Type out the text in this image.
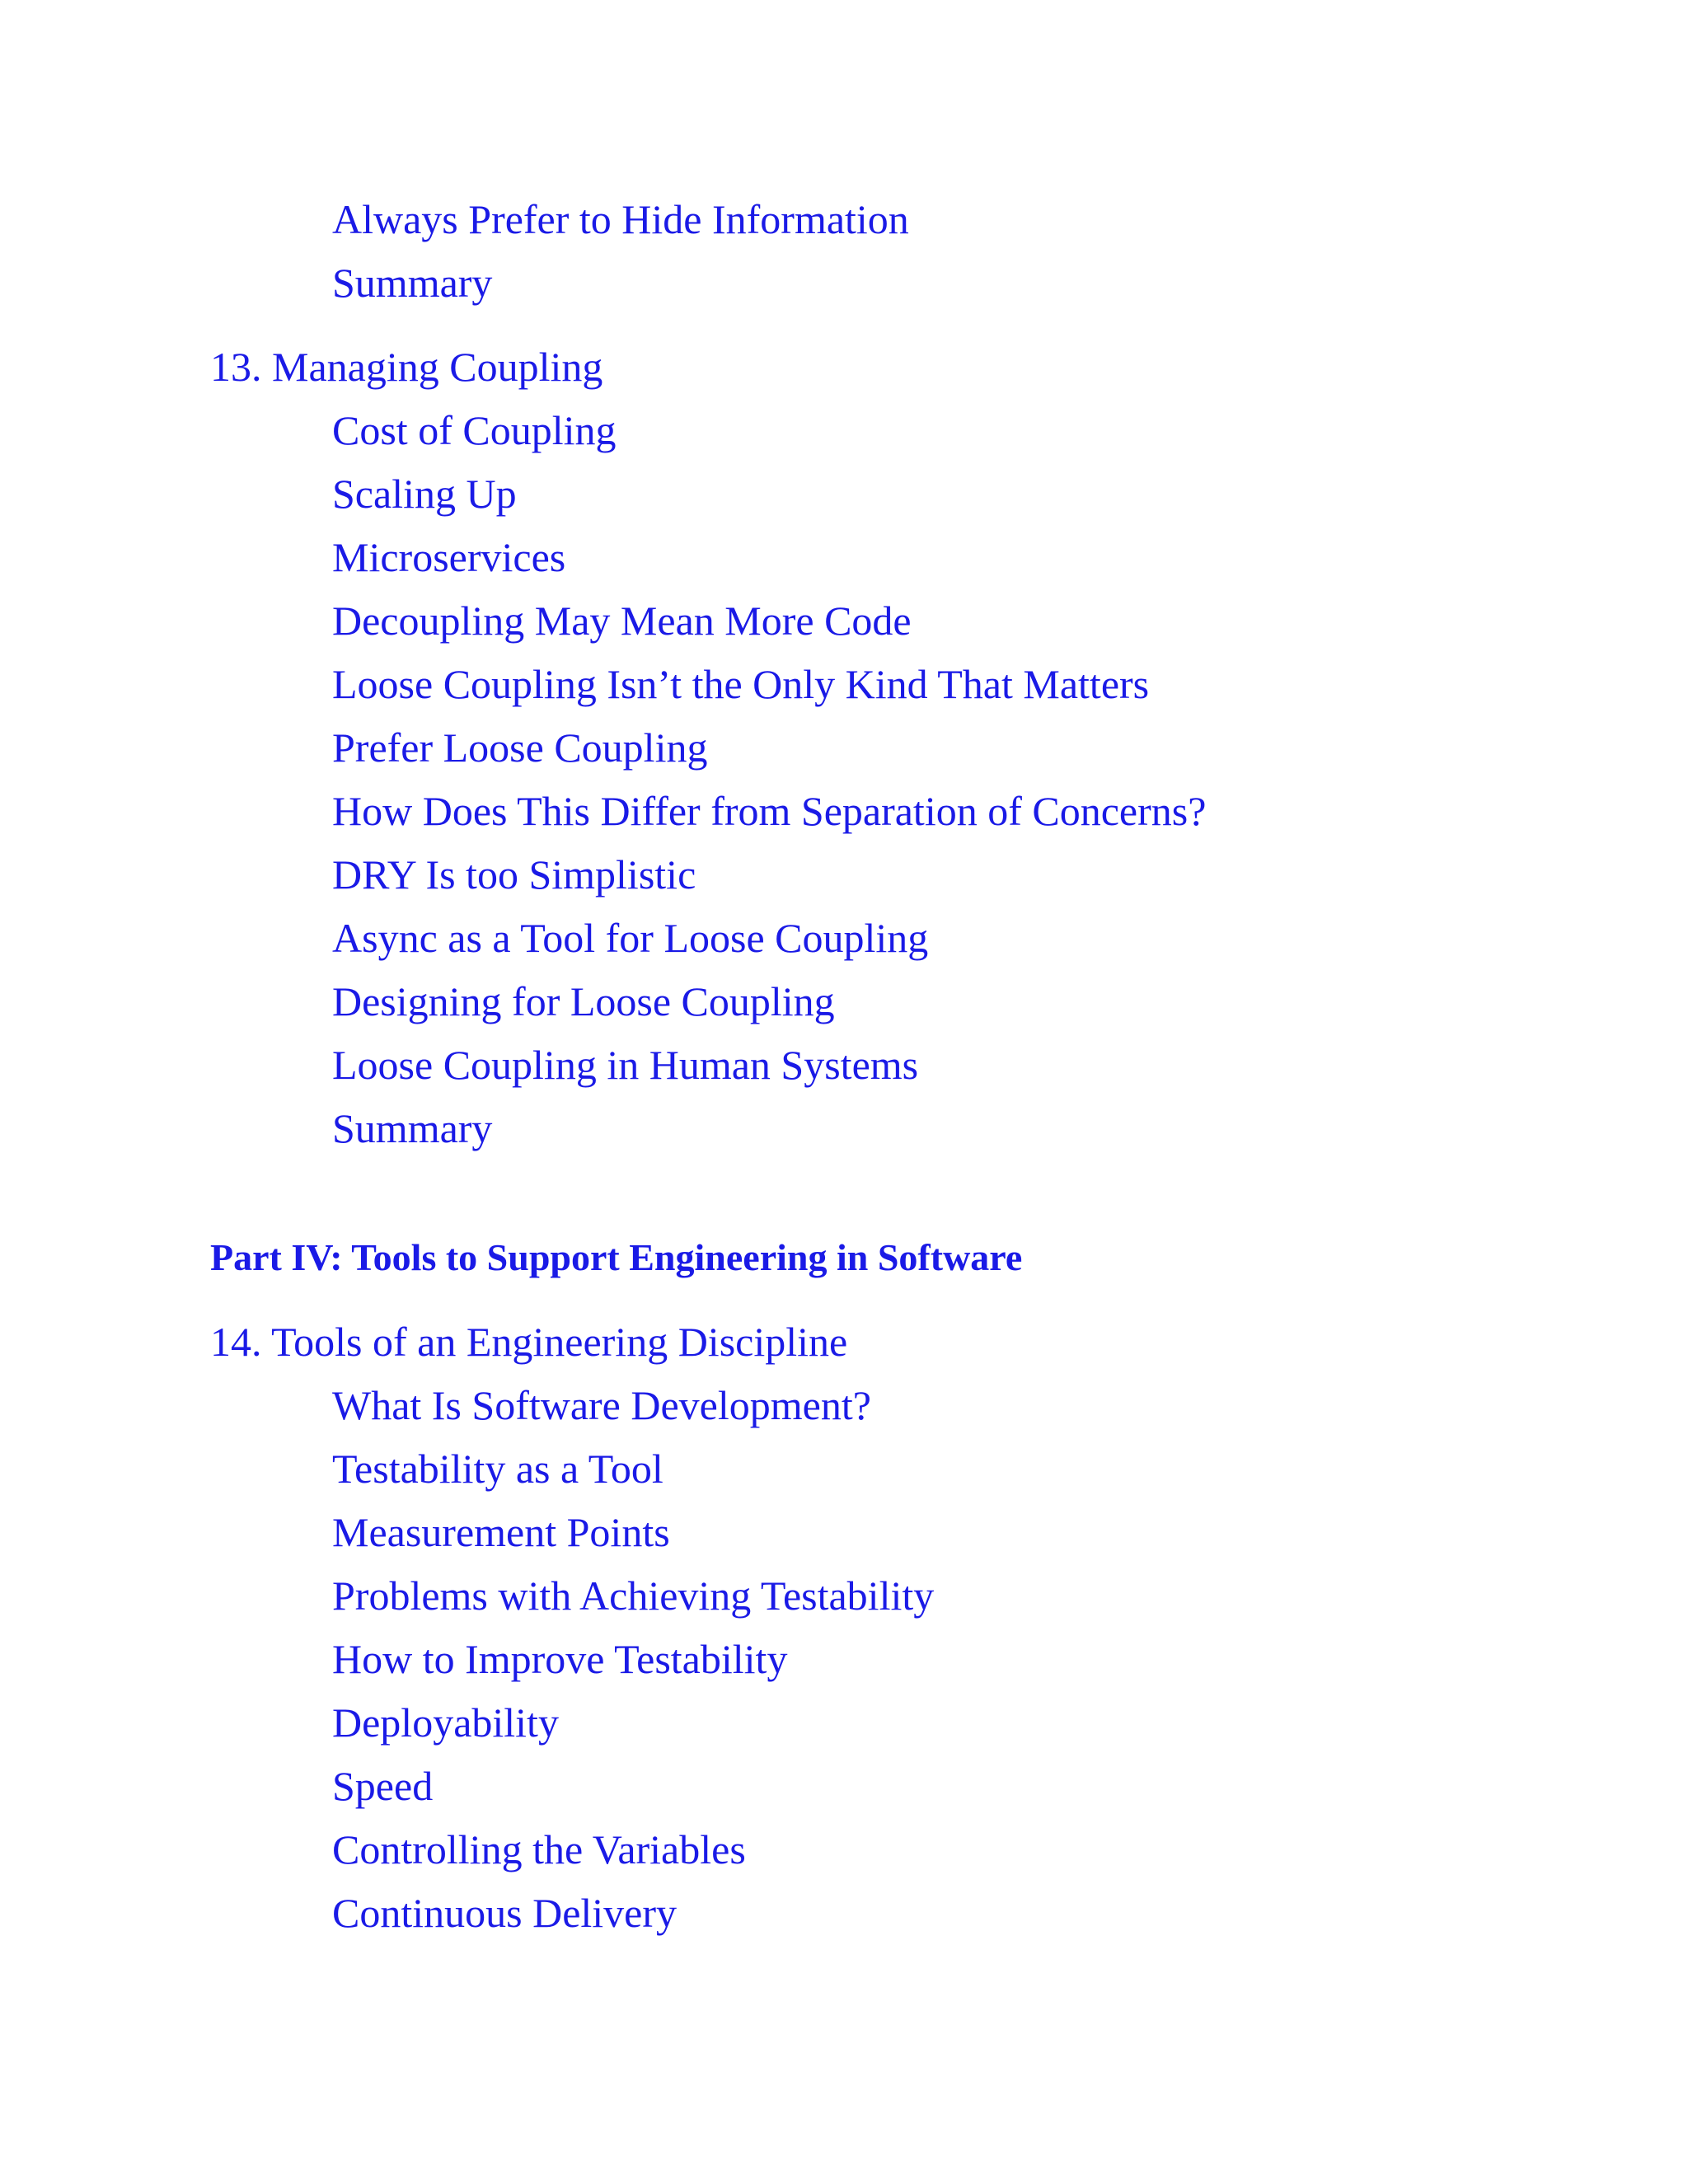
Always Prefer to Hide Information
Summary
13. Managing Coupling
Cost of Coupling
Scaling Up
Microservices
Decoupling May Mean More Code
Loose Coupling Isn’t the Only Kind That Matters
Prefer Loose Coupling
How Does This Differ from Separation of Concerns?
DRY Is too Simplistic
Async as a Tool for Loose Coupling
Designing for Loose Coupling
Loose Coupling in Human Systems
Summary
Part IV: Tools to Support Engineering in Software
14. Tools of an Engineering Discipline
What Is Software Development?
Testability as a Tool
Measurement Points
Problems with Achieving Testability
How to Improve Testability
Deployability
Speed
Controlling the Variables
Continuous Delivery
